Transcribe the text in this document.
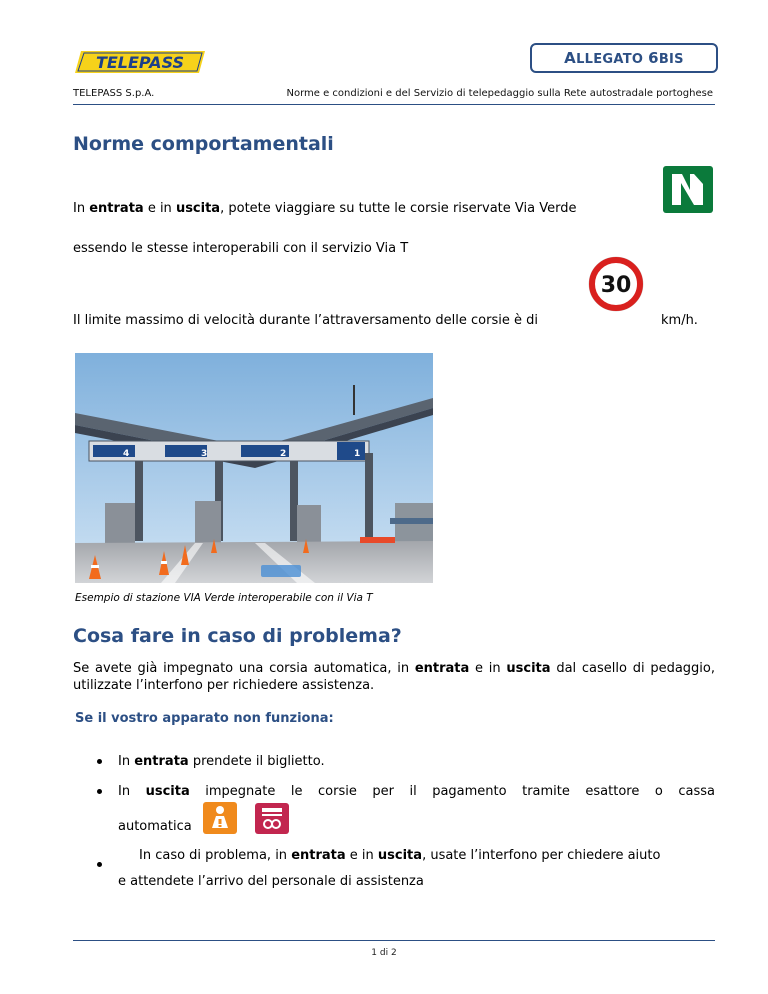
TELEPASS	ALLEGATO 6BIS
TELEPASS S.p.A.	Norme e condizioni e del Servizio di telepedaggio sulla Rete autostradale portoghese
Norme comportamentali
In entrata e in uscita, potete viaggiare su tutte le corsie riservate Via Verde
essendo le stesse interoperabili con il servizio Via T
Il limite massimo di velocità durante l’attraversamento delle corsie è di
30
km/h.
4	3	2	1
Esempio di stazione VIA Verde interoperabile con il Via T
Cosa fare in caso di problema?
Se avete già impegnato una corsia automatica, in entrata e in uscita dal casello di pedaggio, utilizzate l’interfono per richiedere assistenza.
Se il vostro apparato non funziona:
In entrata prendete il biglietto.
In uscita impegnate le corsie per il pagamento tramite esattore o cassa
automatica
In caso di problema, in entrata e in uscita, usate l’interfono per chiedere aiuto
e attendete l’arrivo del personale di assistenza
1 di 2
